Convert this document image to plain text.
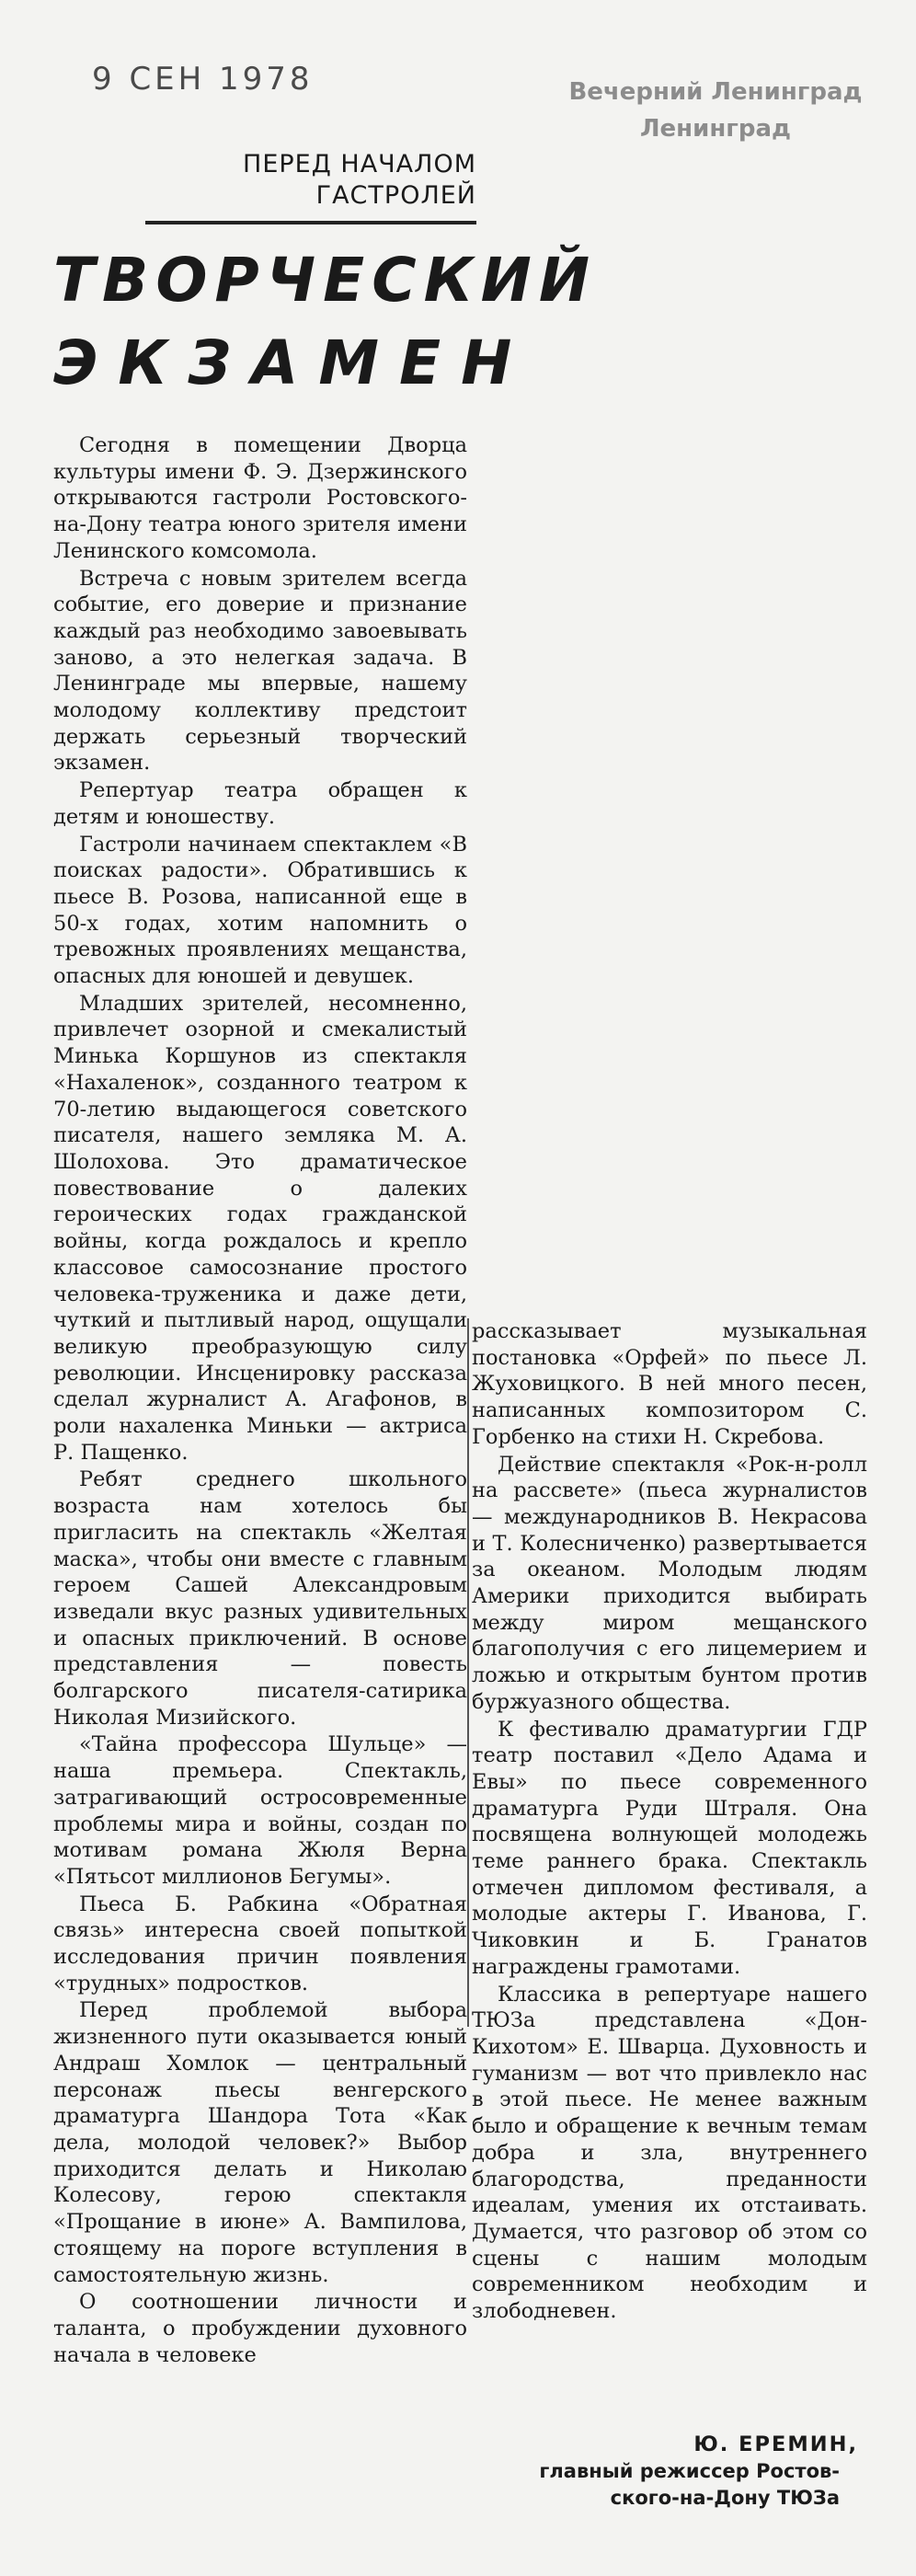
9 СЕН 1978	Вечерний Ленинград
Ленинград
ПЕРЕД НАЧАЛОМ
ГАСТРОЛЕЙ
ТВОРЧЕСКИЙ
ЭКЗАМЕН

Сегодня в помещении Дворца культуры имени Ф. Э. Дзержинского открываются гастроли Ростовского-на-Дону театра юного зрителя имени Ленинского комсомола.

Встреча с новым зрителем всегда событие, его доверие и признание каждый раз необходимо завоевывать заново, а это нелегкая задача. В Ленинграде мы впервые, нашему молодому коллективу предстоит держать серьезный творческий экзамен.

Репертуар театра обращен к детям и юношеству.

Гастроли начинаем спектаклем «В поисках радости». Обратившись к пьесе В. Розова, написанной еще в 50-х годах, хотим напомнить о тревожных проявлениях мещанства, опасных для юношей и девушек.

Младших зрителей, несомненно, привлечет озорной и смекалистый Минька Коршунов из спектакля «Нахаленок», созданного театром к 70-летию выдающегося советского писателя, нашего земляка М. А. Шолохова. Это драматическое повествование о далеких героических годах гражданской войны, когда рождалось и крепло классовое самосознание простого человека-труженика и даже дети, чуткий и пытливый народ, ощущали великую преобразующую силу революции. Инсценировку рассказа сделал журналист А. Агафонов, в роли нахаленка Миньки — актриса Р. Пащенко.

Ребят среднего школьного возраста нам хотелось бы пригласить на спектакль «Желтая маска», чтобы они вместе с главным героем Сашей Александровым изведали вкус разных удивительных и опасных приключений. В основе представления — повесть болгарского писателя-сатирика Николая Мизийского.

«Тайна профессора Шульце» — наша премьера. Спектакль, затрагивающий остросовременные проблемы мира и войны, создан по мотивам романа Жюля Верна «Пятьсот миллионов Бегумы».

Пьеса Б. Рабкина «Обратная связь» интересна своей попыткой исследования причин появления «трудных» подростков.

Перед проблемой выбора жизненного пути оказывается юный Андраш Хомлок — центральный персонаж пьесы венгерского драматурга Шандора Тота «Как дела, молодой человек?» Выбор приходится делать и Николаю Колесову, герою спектакля «Прощание в июне» А. Вампилова, стоящему на пороге вступления в самостоятельную жизнь.

О соотношении личности и таланта, о пробуждении духовного начала в человеке

рассказывает музыкальная постановка «Орфей» по пьесе Л. Жуховицкого. В ней много песен, написанных композитором С. Горбенко на стихи Н. Скребова.

Действие спектакля «Рок-н-ролл на рассвете» (пьеса журналистов — международников В. Некрасова и Т. Колесниченко) развертывается за океаном. Молодым людям Америки приходится выбирать между миром мещанского благополучия с его лицемерием и ложью и открытым бунтом против буржуазного общества.

К фестивалю драматургии ГДР театр поставил «Дело Адама и Евы» по пьесе современного драматурга Руди Штраля. Она посвящена волнующей молодежь теме раннего брака. Спектакль отмечен дипломом фестиваля, а молодые актеры Г. Иванова, Г. Чиковкин и Б. Гранатов награждены грамотами.

Классика в репертуаре нашего ТЮЗа представлена «Дон-Кихотом» Е. Шварца. Духовность и гуманизм — вот что привлекло нас в этой пьесе. Не менее важным было и обращение к вечным темам добра и зла, внутреннего благородства, преданности идеалам, умения их отстаивать. Думается, что разговор об этом со сцены с нашим молодым современником необходим и злободневен.

Ю. ЕРЕМИН,
главный режиссер Ростов-
ского-на-Дону ТЮЗа
